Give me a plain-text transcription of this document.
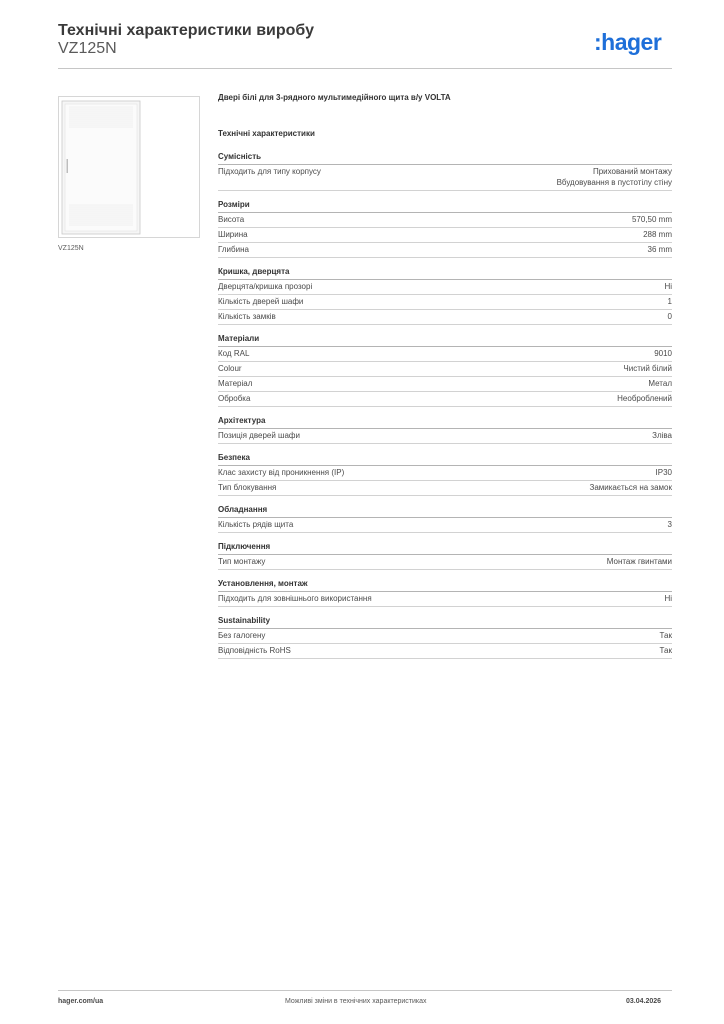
Технічні характеристики виробу
VZ125N	:hager
VZ125N
Двері білі для 3-рядного мультимедійного щита в/у VOLTA
Технічні характеристики
Сумісність
Підходить для типу корпусу	Прихований монтажу
Вбудовування в пустотілу стіну
Розміри
Висота	570,50 mm
Ширина	288 mm
Глибина	36 mm
Кришка, дверцята
Дверцята/кришка прозорі	Ні
Кількість дверей шафи	1
Кількість замків	0
Матеріали
Код RAL	9010
Colour	Чистий білий
Матеріал	Метал
Обробка	Необроблений
Архітектура
Позиція дверей шафи	Зліва
Безпека
Клас захисту від проникнення (IP)	IP30
Тип блокування	Замикається на замок
Обладнання
Кількість рядів щита	3
Підключення
Тип монтажу	Монтаж гвинтами
Установлення, монтаж
Підходить для зовнішнього використання	Ні
Sustainability
Без галогену	Так
Відповідність RoHS	Так
hager.com/ua	Можливі зміни в технічних характеристиках	03.04.2026
